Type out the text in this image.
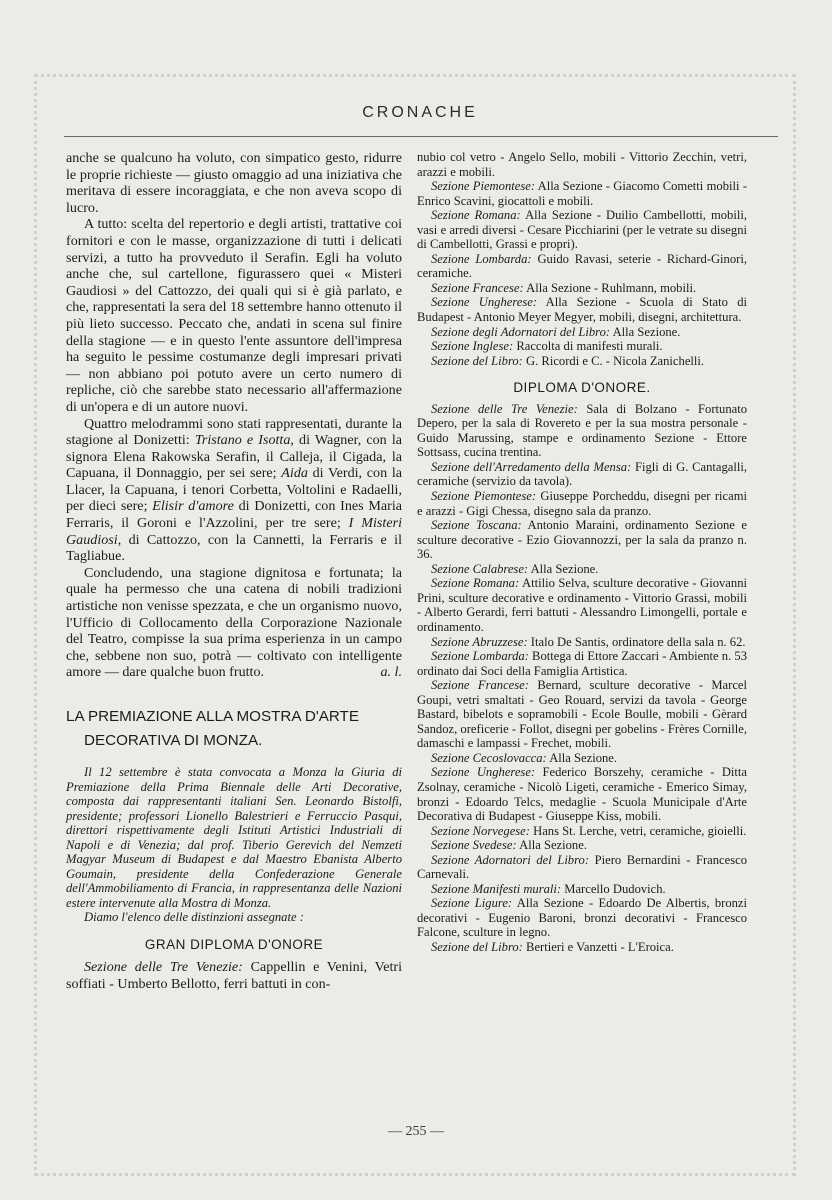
CRONACHE

anche se qualcuno ha voluto, con simpatico gesto, ridurre le proprie richieste — giusto omaggio ad una iniziativa che meritava di essere incoraggiata, e che non aveva scopo di lucro.

A tutto: scelta del repertorio e degli artisti, trattative coi fornitori e con le masse, organizzazione di tutti i delicati servizi, a tutto ha provveduto il Serafin. Egli ha voluto anche che, sul cartellone, figurassero quei « Misteri Gaudiosi » del Cattozzo, dei quali qui si è già parlato, e che, rappresentati la sera del 18 settembre hanno ottenuto il più lieto successo. Peccato che, andati in scena sul finire della stagione — e in questo l'ente assuntore dell'impresa ha seguito le pessime costumanze degli impresari privati — non abbiano poi potuto avere un certo numero di repliche, ciò che sarebbe stato necessario all'affermazione di un'opera e di un autore nuovi.

Quattro melodrammi sono stati rappresentati, durante la stagione al Donizetti: Tristano e Isotta, di Wagner, con la signora Elena Rakowska Serafin, il Calleja, il Cigada, la Capuana, il Donnaggio, per sei sere; Aida di Verdi, con la Llacer, la Capuana, i tenori Corbetta, Voltolini e Radaelli, per dieci sere; Elisir d'amore di Donizetti, con Ines Maria Ferraris, il Goroni e l'Azzolini, per tre sere; I Misteri Gaudiosi, di Cattozzo, con la Cannetti, la Ferraris e il Tagliabue.

Concludendo, una stagione dignitosa e fortunata; la quale ha permesso che una catena di nobili tradizioni artistiche non venisse spezzata, e che un organismo nuovo, l'Ufficio di Collocamento della Corporazione Nazionale del Teatro, compisse la sua prima esperienza in un campo che, sebbene non suo, potrà — coltivato con intelligente amore — dare qualche buon frutto.	a. l.

LA PREMIAZIONE ALLA MOSTRA D'ARTE
DECORATIVA DI MONZA.

Il 12 settembre è stata convocata a Monza la Giuria di Premiazione della Prima Biennale delle Arti Decorative, composta dai rappresentanti italiani Sen. Leonardo Bistolfi, presidente; professori Lionello Balestrieri e Ferruccio Pasqui, direttori rispettivamente degli Istituti Artistici Industriali di Napoli e di Venezia; dal prof. Tiberio Gerevich del Nemzeti Magyar Museum di Budapest e dal Maestro Ebanista Alberto Goumain, presidente della Confederazione Generale dell'Ammobiliamento di Francia, in rappresentanza delle Nazioni estere intervenute alla Mostra di Monza.

Diamo l'elenco delle distinzioni assegnate :

GRAN DIPLOMA D'ONORE

Sezione delle Tre Venezie: Cappellin e Venini, Vetri soffiati - Umberto Bellotto, ferri battuti in con-

nubio col vetro - Angelo Sello, mobili - Vittorio Zecchin, vetri, arazzi e mobili.

Sezione Piemontese: Alla Sezione - Giacomo Cometti mobili - Enrico Scavini, giocattoli e mobili.

Sezione Romana: Alla Sezione - Duilio Cambellotti, mobili, vasi e arredi diversi - Cesare Picchiarini (per le vetrate su disegni di Cambellotti, Grassi e propri).

Sezione Lombarda: Guido Ravasi, seterie - Richard-Ginori, ceramiche.

Sezione Francese: Alla Sezione - Ruhlmann, mobili.

Sezione Ungherese: Alla Sezione - Scuola di Stato di Budapest - Antonio Meyer Megyer, mobili, disegni, architettura.

Sezione degli Adornatori del Libro: Alla Sezione.

Sezione Inglese: Raccolta di manifesti murali.

Sezione del Libro: G. Ricordi e C. - Nicola Zanichelli.

DIPLOMA D'ONORE.

Sezione delle Tre Venezie: Sala di Bolzano - Fortunato Depero, per la sala di Rovereto e per la sua mostra personale - Guido Marussing, stampe e ordinamento Sezione - Ettore Sottsass, cucina trentina.

Sezione dell'Arredamento della Mensa: Figli di G. Cantagalli, ceramiche (servizio da tavola).

Sezione Piemontese: Giuseppe Porcheddu, disegni per ricami e arazzi - Gigi Chessa, disegno sala da pranzo.

Sezione Toscana: Antonio Maraini, ordinamento Sezione e sculture decorative - Ezio Giovannozzi, per la sala da pranzo n. 36.

Sezione Calabrese: Alla Sezione.

Sezione Romana: Attilio Selva, sculture decorative - Giovanni Prini, sculture decorative e ordinamento - Vittorio Grassi, mobili - Alberto Gerardi, ferri battuti - Alessandro Limongelli, portale e ordinamento.

Sezione Abruzzese: Italo De Santis, ordinatore della sala n. 62.

Sezione Lombarda: Bottega di Ettore Zaccari - Ambiente n. 53 ordinato dai Soci della Famiglia Artistica.

Sezione Francese: Bernard, sculture decorative - Marcel Goupi, vetri smaltati - Geo Rouard, servizi da tavola - George Bastard, bibelots e sopramobili - Ecole Boulle, mobili - Gèrard Sandoz, oreficerie - Follot, disegni per gobelins - Frères Cornille, damaschi e lampassi - Frechet, mobili.

Sezione Cecoslovacca: Alla Sezione.

Sezione Ungherese: Federico Borszehy, ceramiche - Ditta Zsolnay, ceramiche - Nicolò Ligeti, ceramiche - Emerico Simay, bronzi - Edoardo Telcs, medaglie - Scuola Municipale d'Arte Decorativa di Budapest - Giuseppe Kiss, mobili.

Sezione Norvegese: Hans St. Lerche, vetri, ceramiche, gioielli.

Sezione Svedese: Alla Sezione.

Sezione Adornatori del Libro: Piero Bernardini - Francesco Carnevali.

Sezione Manifesti murali: Marcello Dudovich.

Sezione Ligure: Alla Sezione - Edoardo De Albertis, bronzi decorativi - Eugenio Baroni, bronzi decorativi - Francesco Falcone, sculture in legno.

Sezione del Libro: Bertieri e Vanzetti - L'Eroica.

— 255 —
